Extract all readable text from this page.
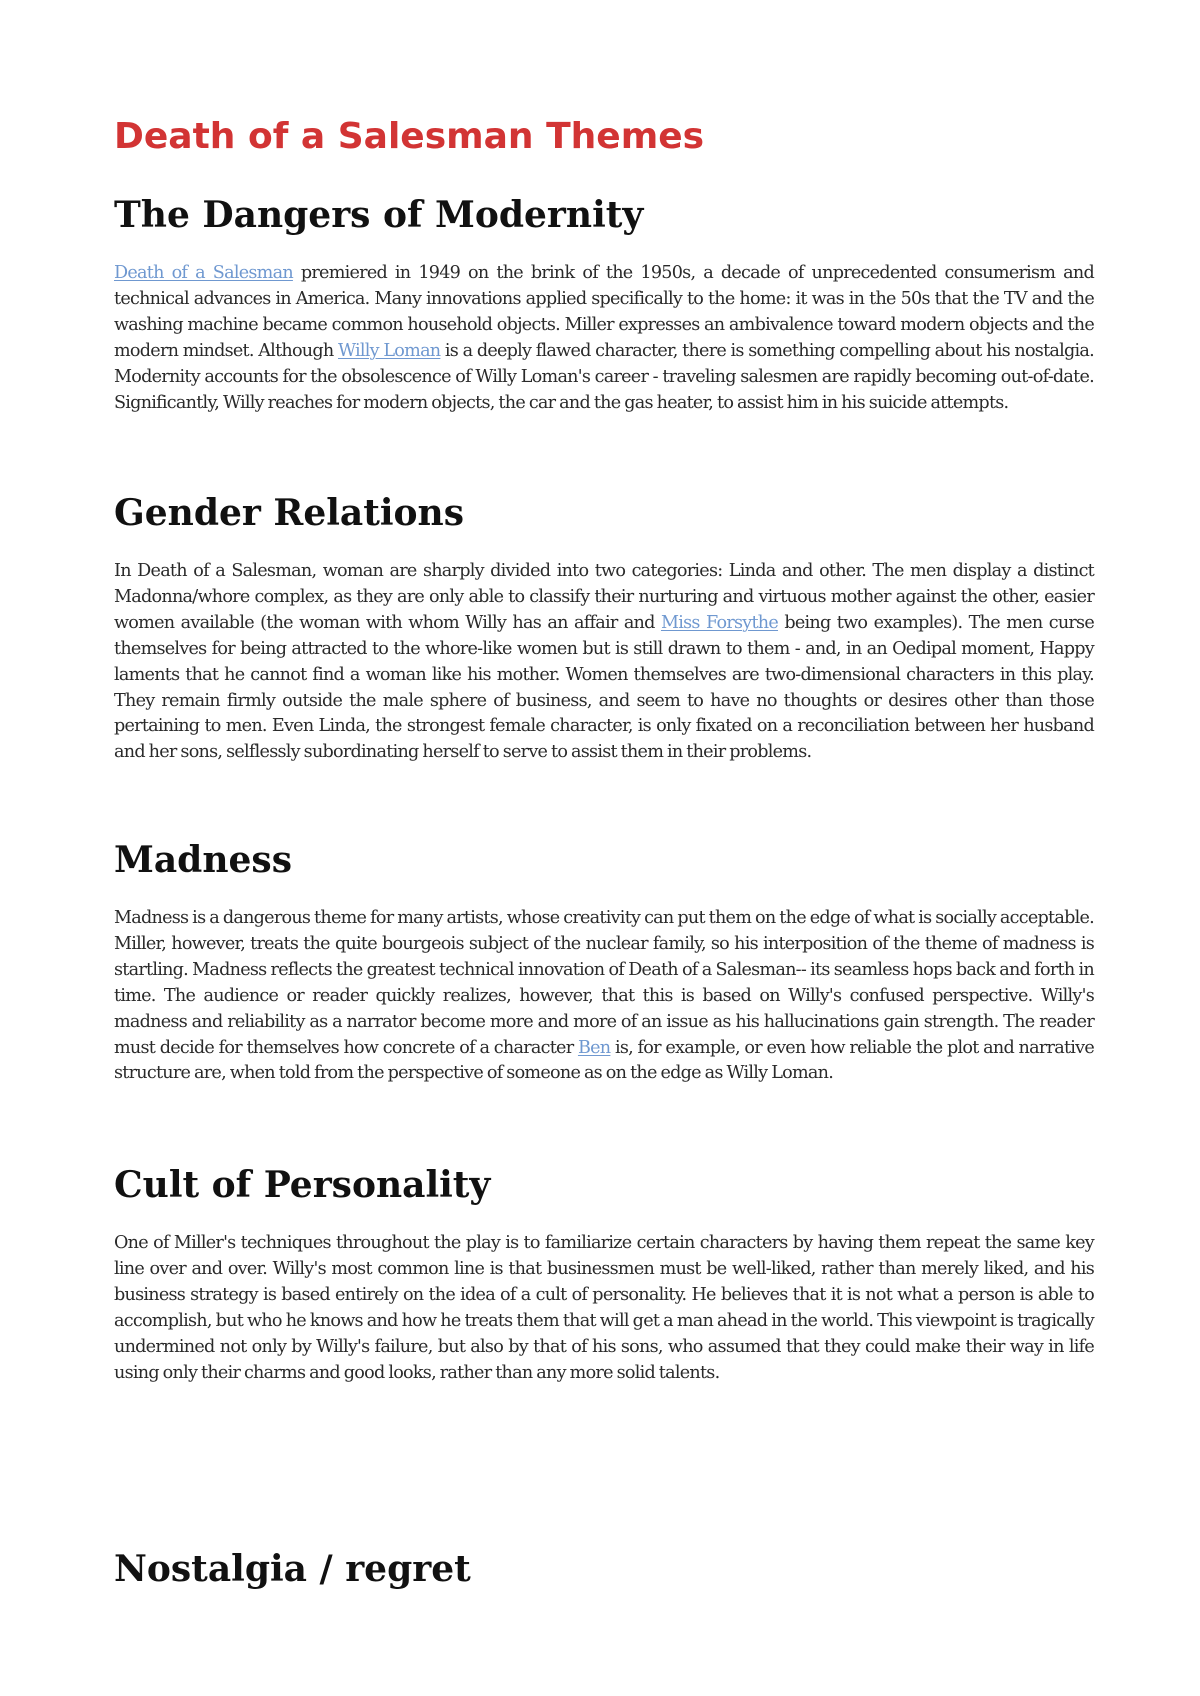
Death of a Salesman Themes
The Dangers of Modernity

Death of a Salesman premiered in 1949 on the brink of the 1950s, a decade of unprecedented consumerism and technical advances in America. Many innovations applied specifically to the home: it was in the 50s that the TV and the washing machine became common household objects. Miller expresses an ambivalence toward modern objects and the modern mindset. Although Willy Loman is a deeply flawed character, there is something compelling about his nostalgia. Modernity accounts for the obsolescence of Willy Loman's career - traveling salesmen are rapidly becoming out-of-date. Significantly, Willy reaches for modern objects, the car and the gas heater, to assist him in his suicide attempts.

Gender Relations

In Death of a Salesman, woman are sharply divided into two categories: Linda and other. The men display a distinct Madonna/whore complex, as they are only able to classify their nurturing and virtuous mother against the other, easier women available (the woman with whom Willy has an affair and Miss Forsythe being two examples). The men curse themselves for being attracted to the whore-like women but is still drawn to them - and, in an Oedipal moment, Happy laments that he cannot find a woman like his mother. Women themselves are two-dimensional characters in this play. They remain firmly outside the male sphere of business, and seem to have no thoughts or desires other than those pertaining to men. Even Linda, the strongest female character, is only fixated on a reconciliation between her husband and her sons, selflessly subordinating herself to serve to assist them in their problems.

Madness

Madness is a dangerous theme for many artists, whose creativity can put them on the edge of what is socially acceptable. Miller, however, treats the quite bourgeois subject of the nuclear family, so his interposition of the theme of madness is startling. Madness reflects the greatest technical innovation of Death of a Salesman-- its seamless hops back and forth in time. The audience or reader quickly realizes, however, that this is based on Willy's confused perspective. Willy's madness and reliability as a narrator become more and more of an issue as his hallucinations gain strength. The reader must decide for themselves how concrete of a character Ben is, for example, or even how reliable the plot and narrative structure are, when told from the perspective of someone as on the edge as Willy Loman.

Cult of Personality

One of Miller's techniques throughout the play is to familiarize certain characters by having them repeat the same key line over and over. Willy's most common line is that businessmen must be well-liked, rather than merely liked, and his business strategy is based entirely on the idea of a cult of personality. He believes that it is not what a person is able to accomplish, but who he knows and how he treats them that will get a man ahead in the world. This viewpoint is tragically undermined not only by Willy's failure, but also by that of his sons, who assumed that they could make their way in life using only their charms and good looks, rather than any more solid talents.

Nostalgia / regret
